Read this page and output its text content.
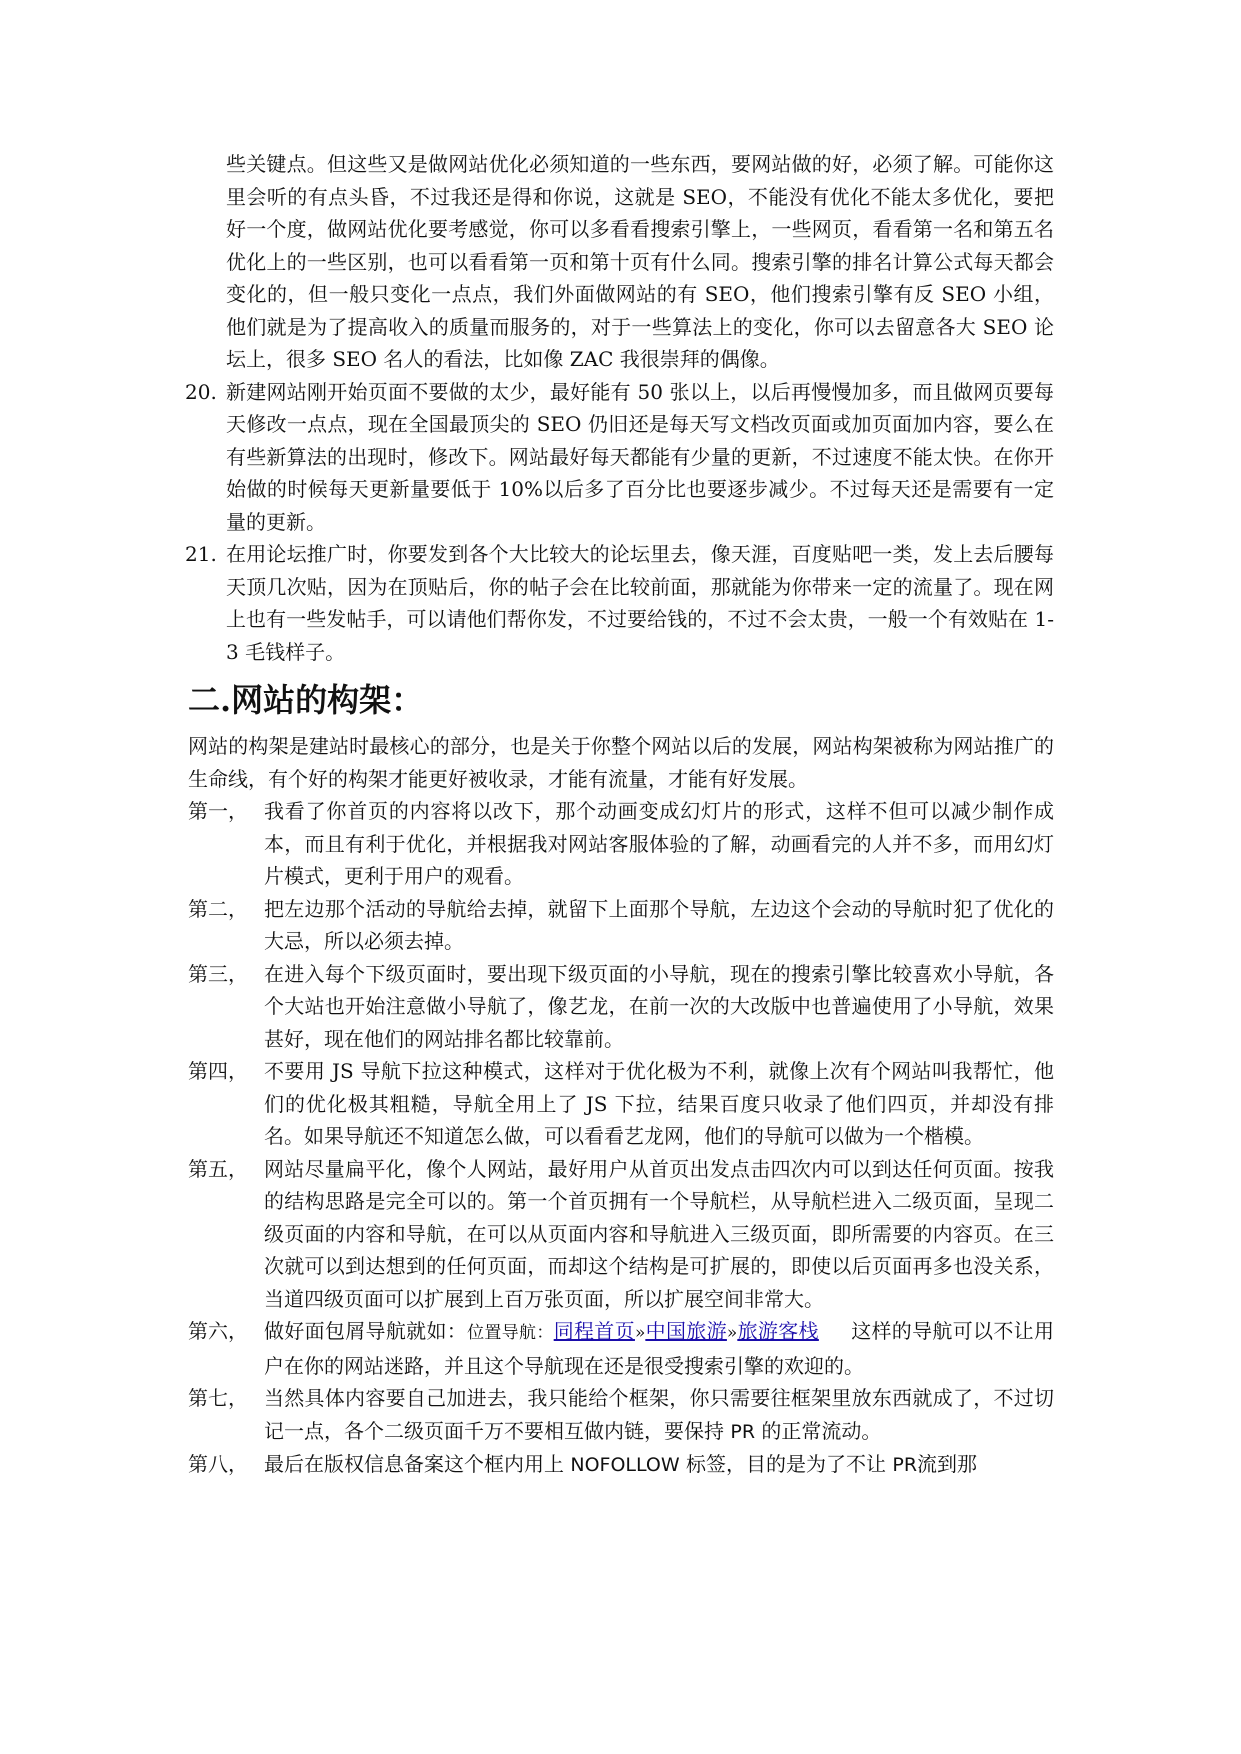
些关键点。但这些又是做网站优化必须知道的一些东西，要网站做的好，必须了解。可能你这里会听的有点头昏，不过我还是得和你说，这就是 SEO，不能没有优化不能太多优化，要把好一个度，做网站优化要考感觉，你可以多看看搜索引擎上，一些网页，看看第一名和第五名优化上的一些区别，也可以看看第一页和第十页有什么同。搜索引擎的排名计算公式每天都会变化的，但一般只变化一点点，我们外面做网站的有 SEO，他们搜索引擎有反 SEO 小组，他们就是为了提高收入的质量而服务的，对于一些算法上的变化，你可以去留意各大 SEO 论坛上，很多 SEO 名人的看法，比如像 ZAC 我很崇拜的偶像。

20. 新建网站刚开始页面不要做的太少，最好能有 50 张以上，以后再慢慢加多，而且做网页要每天修改一点点，现在全国最顶尖的 SEO 仍旧还是每天写文档改页面或加页面加内容，要么在有些新算法的出现时，修改下。网站最好每天都能有少量的更新，不过速度不能太快。在你开始做的时候每天更新量要低于 10%以后多了百分比也要逐步减少。不过每天还是需要有一定量的更新。
21. 在用论坛推广时，你要发到各个大比较大的论坛里去，像天涯，百度贴吧一类，发上去后腰每天顶几次贴，因为在顶贴后，你的帖子会在比较前面，那就能为你带来一定的流量了。现在网上也有一些发帖手，可以请他们帮你发，不过要给钱的，不过不会太贵，一般一个有效贴在 1-3 毛钱样子。
二.网站的构架：

网站的构架是建站时最核心的部分，也是关于你整个网站以后的发展，网站构架被称为网站推广的生命线，有个好的构架才能更好被收录，才能有流量，才能有好发展。

第一， 我看了你首页的内容将以改下，那个动画变成幻灯片的形式，这样不但可以减少制作成本，而且有利于优化，并根据我对网站客服体验的了解，动画看完的人并不多，而用幻灯片模式，更利于用户的观看。
第二， 把左边那个活动的导航给去掉，就留下上面那个导航，左边这个会动的导航时犯了优化的大忌，所以必须去掉。
第三， 在进入每个下级页面时，要出现下级页面的小导航，现在的搜索引擎比较喜欢小导航，各个大站也开始注意做小导航了，像艺龙，在前一次的大改版中也普遍使用了小导航，效果甚好，现在他们的网站排名都比较靠前。
第四， 不要用 JS 导航下拉这种模式，这样对于优化极为不利，就像上次有个网站叫我帮忙，他们的优化极其粗糙，导航全用上了 JS 下拉，结果百度只收录了他们四页，并却没有排名。如果导航还不知道怎么做，可以看看艺龙网，他们的导航可以做为一个楷模。
第五， 网站尽量扁平化，像个人网站，最好用户从首页出发点击四次内可以到达任何页面。按我的结构思路是完全可以的。第一个首页拥有一个导航栏，从导航栏进入二级页面，呈现二级页面的内容和导航，在可以从页面内容和导航进入三级页面，即所需要的内容页。在三次就可以到达想到的任何页面，而却这个结构是可扩展的，即使以后页面再多也没关系，当道四级页面可以扩展到上百万张页面，所以扩展空间非常大。
第六， 做好面包屑导航就如：位置导航：同程首页»中国旅游»旅游客栈 这样的导航可以不让用户在你的网站迷路，并且这个导航现在还是很受搜索引擎的欢迎的。
第七， 当然具体内容要自己加进去，我只能给个框架，你只需要往框架里放东西就成了，不过切记一点，各个二级页面千万不要相互做内链，要保持 PR 的正常流动。
第八， 最后在版权信息备案这个框内用上 NOFOLLOW 标签，目的是为了不让 PR流到那
